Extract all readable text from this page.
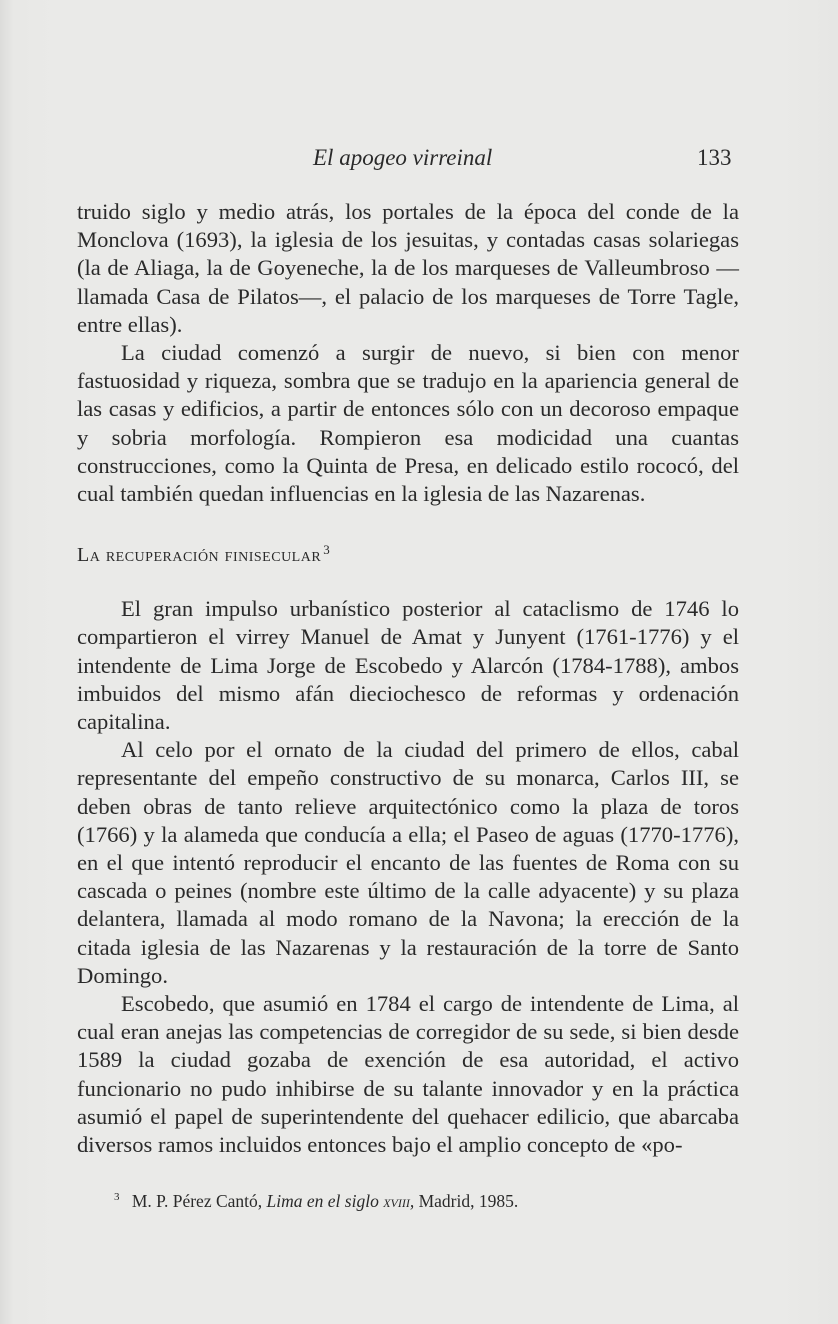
El apogeo virreinal	133

truido siglo y medio atrás, los portales de la época del conde de la Monclova (1693), la iglesia de los jesuitas, y contadas casas solariegas (la de Aliaga, la de Goyeneche, la de los marqueses de Valleumbroso —llamada Casa de Pilatos—, el palacio de los marqueses de Torre Tagle, entre ellas).

La ciudad comenzó a surgir de nuevo, si bien con menor fastuosidad y riqueza, sombra que se tradujo en la apariencia general de las casas y edificios, a partir de entonces sólo con un decoroso empaque y sobria morfología. Rompieron esa modicidad una cuantas construcciones, como la Quinta de Presa, en delicado estilo rococó, del cual también quedan influencias en la iglesia de las Nazarenas.

La recuperación finisecular $^3$

El gran impulso urbanístico posterior al cataclismo de 1746 lo compartieron el virrey Manuel de Amat y Junyent (1761-1776) y el intendente de Lima Jorge de Escobedo y Alarcón (1784-1788), ambos imbuidos del mismo afán dieciochesco de reformas y ordenación capitalina.

Al celo por el ornato de la ciudad del primero de ellos, cabal representante del empeño constructivo de su monarca, Carlos III, se deben obras de tanto relieve arquitectónico como la plaza de toros (1766) y la alameda que conducía a ella; el Paseo de aguas (1770-1776), en el que intentó reproducir el encanto de las fuentes de Roma con su cascada o peines (nombre este último de la calle adyacente) y su plaza delantera, llamada al modo romano de la Navona; la erección de la citada iglesia de las Nazarenas y la restauración de la torre de Santo Domingo.

Escobedo, que asumió en 1784 el cargo de intendente de Lima, al cual eran anejas las competencias de corregidor de su sede, si bien desde 1589 la ciudad gozaba de exención de esa autoridad, el activo funcionario no pudo inhibirse de su talante innovador y en la práctica asumió el papel de superintendente del quehacer edilicio, que abarcaba diversos ramos incluidos entonces bajo el amplio concepto de «po-

$^3$ M. P. Pérez Cantó, Lima en el siglo xviii, Madrid, 1985.
